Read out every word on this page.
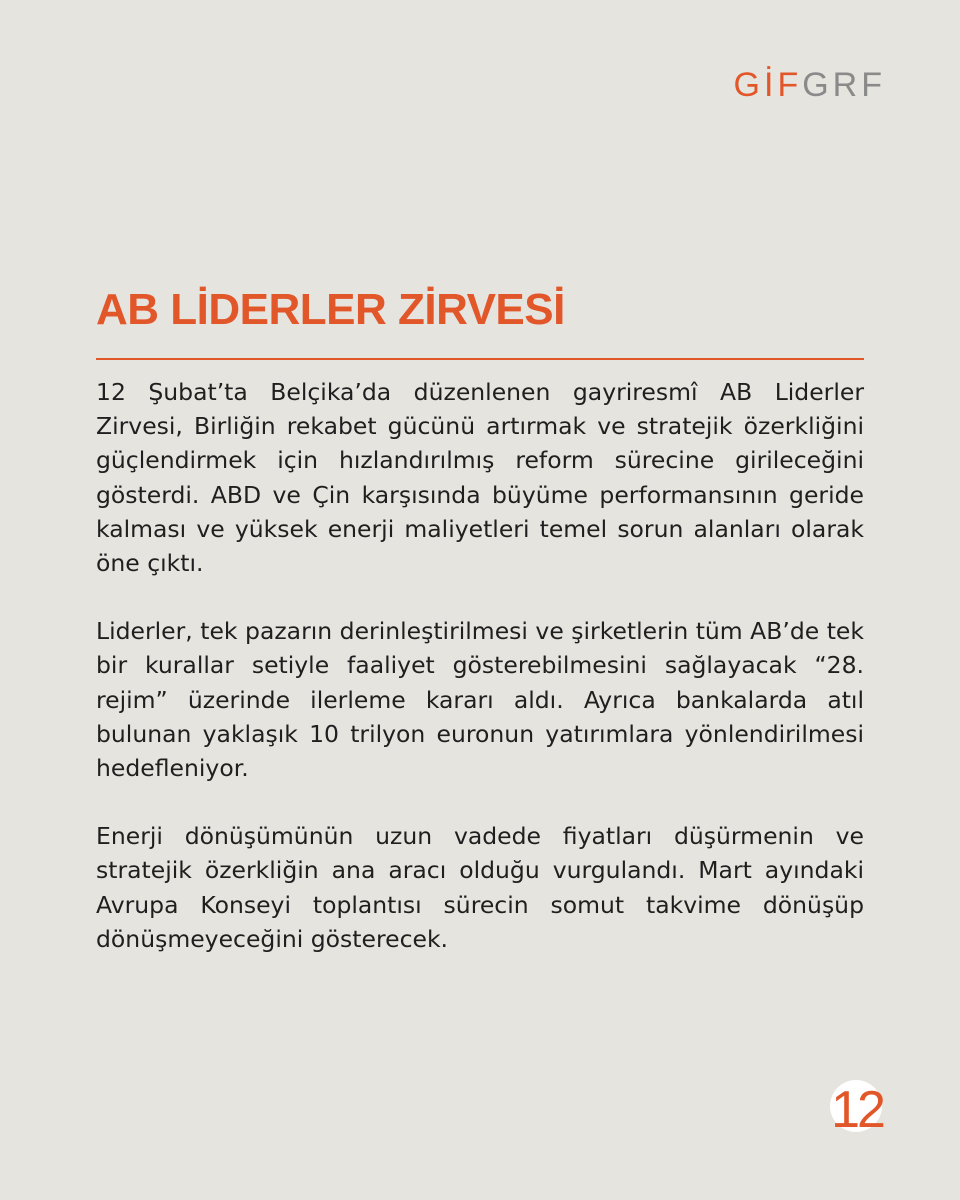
GİFGRF
AB LİDERLER ZİRVESİ

12 Şubat’ta Belçika’da düzenlenen gayriresmî AB Liderler Zirvesi, Birliğin rekabet gücünü artırmak ve stratejik özerkliğini güçlendirmek için hızlandırılmış reform sürecine girileceğini gösterdi. ABD ve Çin karşısında büyüme performansının geride kalması ve yüksek enerji maliyetleri temel sorun alanları olarak öne çıktı.

Liderler, tek pazarın derinleştirilmesi ve şirketlerin tüm AB’de tek bir kurallar setiyle faaliyet gösterebilmesini sağlayacak “28. rejim” üzerinde ilerleme kararı aldı. Ayrıca bankalarda atıl bulunan yaklaşık 10 trilyon euronun yatırımlara yönlendirilmesi hedefleniyor.

Enerji dönüşümünün uzun vadede fiyatları düşürmenin ve stratejik özerkliğin ana aracı olduğu vurgulandı. Mart ayındaki Avrupa Konseyi toplantısı sürecin somut takvime dönüşüp dönüşmeyeceğini gösterecek.

12
